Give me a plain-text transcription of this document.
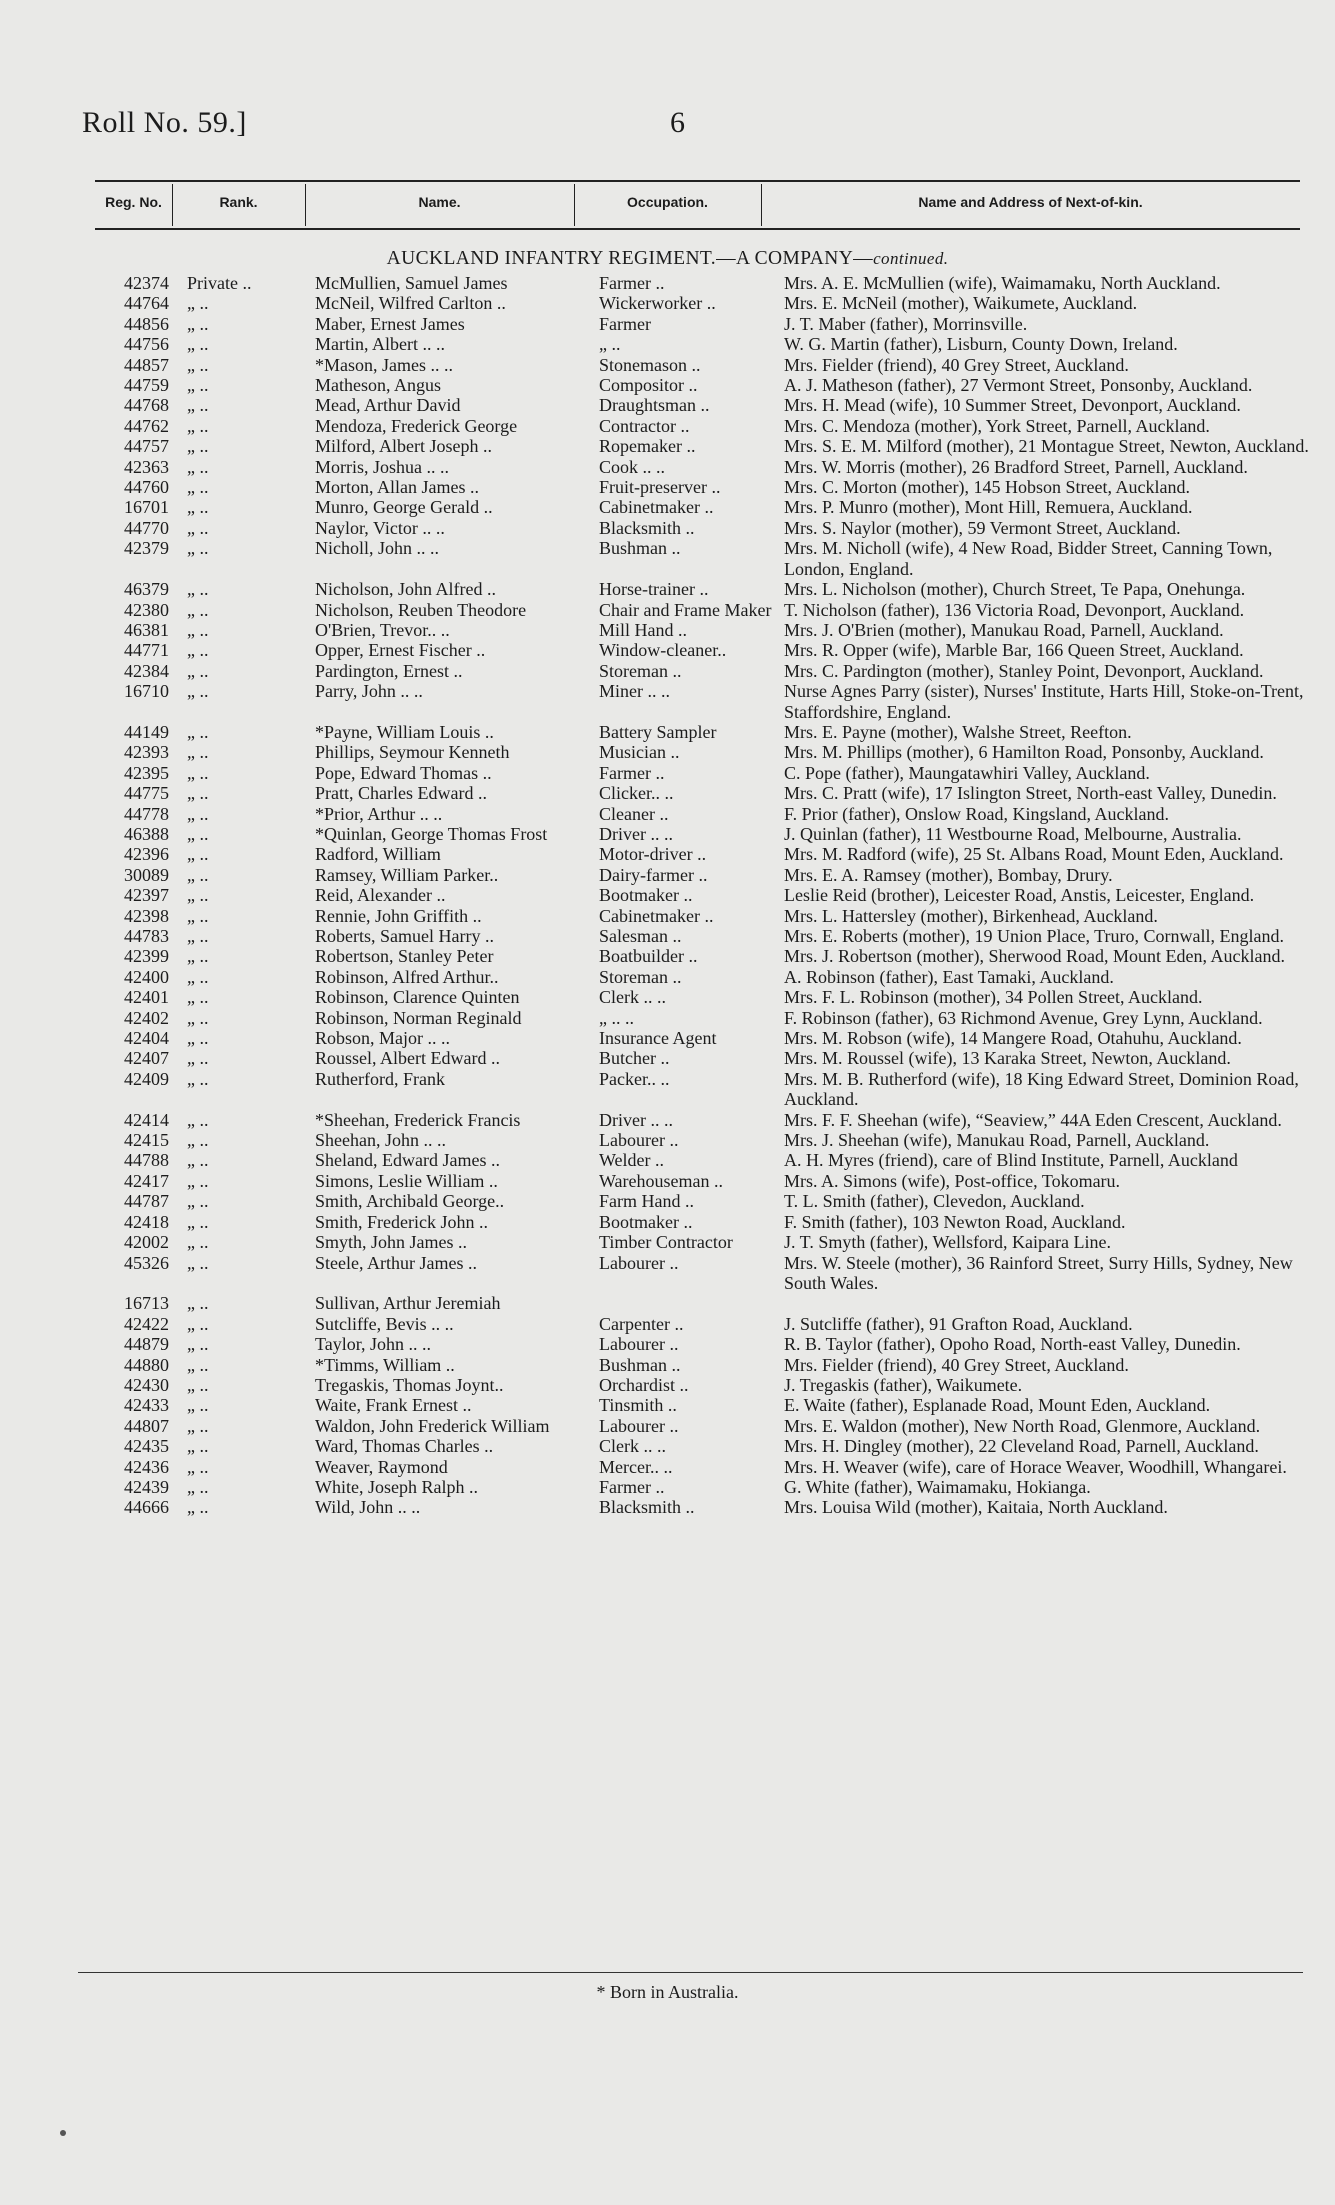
Roll No. 59.]	6
Reg. No.	Rank.	Name.	Occupation.	Name and Address of Next-of-kin.
AUCKLAND INFANTRY REGIMENT.—A COMPANY—continued.
42374	Private ..	McMullien, Samuel James	Farmer ..	Mrs. A. E. McMullien (wife), Waimamaku, North Auckland.
44764	„ ..	McNeil, Wilfred Carlton ..	Wickerworker ..	Mrs. E. McNeil (mother), Waikumete, Auckland.
44856	„ ..	Maber, Ernest James	Farmer	J. T. Maber (father), Morrinsville.
44756	„ ..	Martin, Albert .. ..	„ ..	W. G. Martin (father), Lisburn, County Down, Ireland.
44857	„ ..	*Mason, James .. ..	Stonemason ..	Mrs. Fielder (friend), 40 Grey Street, Auckland.
44759	„ ..	Matheson, Angus	Compositor ..	A. J. Matheson (father), 27 Vermont Street, Ponsonby, Auckland.
44768	„ ..	Mead, Arthur David	Draughtsman ..	Mrs. H. Mead (wife), 10 Summer Street, Devonport, Auckland.
44762	„ ..	Mendoza, Frederick George	Contractor ..	Mrs. C. Mendoza (mother), York Street, Parnell, Auckland.
44757	„ ..	Milford, Albert Joseph ..	Ropemaker ..	Mrs. S. E. M. Milford (mother), 21 Montague Street, Newton, Auckland.
42363	„ ..	Morris, Joshua .. ..	Cook .. ..	Mrs. W. Morris (mother), 26 Bradford Street, Parnell, Auckland.
44760	„ ..	Morton, Allan James ..	Fruit-preserver ..	Mrs. C. Morton (mother), 145 Hobson Street, Auckland.
16701	„ ..	Munro, George Gerald ..	Cabinetmaker ..	Mrs. P. Munro (mother), Mont Hill, Remuera, Auckland.
44770	„ ..	Naylor, Victor .. ..	Blacksmith ..	Mrs. S. Naylor (mother), 59 Vermont Street, Auckland.
42379	„ ..	Nicholl, John .. ..	Bushman ..	Mrs. M. Nicholl (wife), 4 New Road, Bidder Street, Canning Town, London, England.
46379	„ ..	Nicholson, John Alfred ..	Horse-trainer ..	Mrs. L. Nicholson (mother), Church Street, Te Papa, Onehunga.
42380	„ ..	Nicholson, Reuben Theodore	Chair and Frame Maker	T. Nicholson (father), 136 Victoria Road, Devonport, Auckland.
46381	„ ..	O'Brien, Trevor.. ..	Mill Hand ..	Mrs. J. O'Brien (mother), Manukau Road, Parnell, Auckland.
44771	„ ..	Opper, Ernest Fischer ..	Window-cleaner..	Mrs. R. Opper (wife), Marble Bar, 166 Queen Street, Auckland.
42384	„ ..	Pardington, Ernest ..	Storeman ..	Mrs. C. Pardington (mother), Stanley Point, Devonport, Auckland.
16710	„ ..	Parry, John .. ..	Miner .. ..	Nurse Agnes Parry (sister), Nurses' Institute, Harts Hill, Stoke-on-Trent, Staffordshire, England.
44149	„ ..	*Payne, William Louis ..	Battery Sampler	Mrs. E. Payne (mother), Walshe Street, Reefton.
42393	„ ..	Phillips, Seymour Kenneth	Musician ..	Mrs. M. Phillips (mother), 6 Hamilton Road, Ponsonby, Auckland.
42395	„ ..	Pope, Edward Thomas ..	Farmer ..	C. Pope (father), Maungatawhiri Valley, Auckland.
44775	„ ..	Pratt, Charles Edward ..	Clicker.. ..	Mrs. C. Pratt (wife), 17 Islington Street, North-east Valley, Dunedin.
44778	„ ..	*Prior, Arthur .. ..	Cleaner ..	F. Prior (father), Onslow Road, Kingsland, Auckland.
46388	„ ..	*Quinlan, George Thomas Frost	Driver .. ..	J. Quinlan (father), 11 Westbourne Road, Melbourne, Australia.
42396	„ ..	Radford, William	Motor-driver ..	Mrs. M. Radford (wife), 25 St. Albans Road, Mount Eden, Auckland.
30089	„ ..	Ramsey, William Parker..	Dairy-farmer ..	Mrs. E. A. Ramsey (mother), Bombay, Drury.
42397	„ ..	Reid, Alexander ..	Bootmaker ..	Leslie Reid (brother), Leicester Road, Anstis, Leicester, England.
42398	„ ..	Rennie, John Griffith ..	Cabinetmaker ..	Mrs. L. Hattersley (mother), Birkenhead, Auckland.
44783	„ ..	Roberts, Samuel Harry ..	Salesman ..	Mrs. E. Roberts (mother), 19 Union Place, Truro, Cornwall, England.
42399	„ ..	Robertson, Stanley Peter	Boatbuilder ..	Mrs. J. Robertson (mother), Sherwood Road, Mount Eden, Auckland.
42400	„ ..	Robinson, Alfred Arthur..	Storeman ..	A. Robinson (father), East Tamaki, Auckland.
42401	„ ..	Robinson, Clarence Quinten	Clerk .. ..	Mrs. F. L. Robinson (mother), 34 Pollen Street, Auckland.
42402	„ ..	Robinson, Norman Reginald	„ .. ..	F. Robinson (father), 63 Richmond Avenue, Grey Lynn, Auckland.
42404	„ ..	Robson, Major .. ..	Insurance Agent	Mrs. M. Robson (wife), 14 Mangere Road, Otahuhu, Auckland.
42407	„ ..	Roussel, Albert Edward ..	Butcher ..	Mrs. M. Roussel (wife), 13 Karaka Street, Newton, Auckland.
42409	„ ..	Rutherford, Frank	Packer.. ..	Mrs. M. B. Rutherford (wife), 18 King Edward Street, Dominion Road, Auckland.
42414	„ ..	*Sheehan, Frederick Francis	Driver .. ..	Mrs. F. F. Sheehan (wife), “Seaview,” 44A Eden Crescent, Auckland.
42415	„ ..	Sheehan, John .. ..	Labourer ..	Mrs. J. Sheehan (wife), Manukau Road, Parnell, Auckland.
44788	„ ..	Sheland, Edward James ..	Welder ..	A. H. Myres (friend), care of Blind Institute, Parnell, Auckland
42417	„ ..	Simons, Leslie William ..	Warehouseman ..	Mrs. A. Simons (wife), Post-office, Tokomaru.
44787	„ ..	Smith, Archibald George..	Farm Hand ..	T. L. Smith (father), Clevedon, Auckland.
42418	„ ..	Smith, Frederick John ..	Bootmaker ..	F. Smith (father), 103 Newton Road, Auckland.
42002	„ ..	Smyth, John James ..	Timber Contractor	J. T. Smyth (father), Wellsford, Kaipara Line.
45326	„ ..	Steele, Arthur James ..	Labourer ..	Mrs. W. Steele (mother), 36 Rainford Street, Surry Hills, Sydney, New South Wales.
16713	„ ..	Sullivan, Arthur Jeremiah		
42422	„ ..	Sutcliffe, Bevis .. ..	Carpenter ..	J. Sutcliffe (father), 91 Grafton Road, Auckland.
44879	„ ..	Taylor, John .. ..	Labourer ..	R. B. Taylor (father), Opoho Road, North-east Valley, Dunedin.
44880	„ ..	*Timms, William ..	Bushman ..	Mrs. Fielder (friend), 40 Grey Street, Auckland.
42430	„ ..	Tregaskis, Thomas Joynt..	Orchardist ..	J. Tregaskis (father), Waikumete.
42433	„ ..	Waite, Frank Ernest ..	Tinsmith ..	E. Waite (father), Esplanade Road, Mount Eden, Auckland.
44807	„ ..	Waldon, John Frederick William	Labourer ..	Mrs. E. Waldon (mother), New North Road, Glenmore, Auckland.
42435	„ ..	Ward, Thomas Charles ..	Clerk .. ..	Mrs. H. Dingley (mother), 22 Cleveland Road, Parnell, Auckland.
42436	„ ..	Weaver, Raymond	Mercer.. ..	Mrs. H. Weaver (wife), care of Horace Weaver, Woodhill, Whangarei.
42439	„ ..	White, Joseph Ralph ..	Farmer ..	G. White (father), Waimamaku, Hokianga.
44666	„ ..	Wild, John .. ..	Blacksmith ..	Mrs. Louisa Wild (mother), Kaitaia, North Auckland.
* Born in Australia.
